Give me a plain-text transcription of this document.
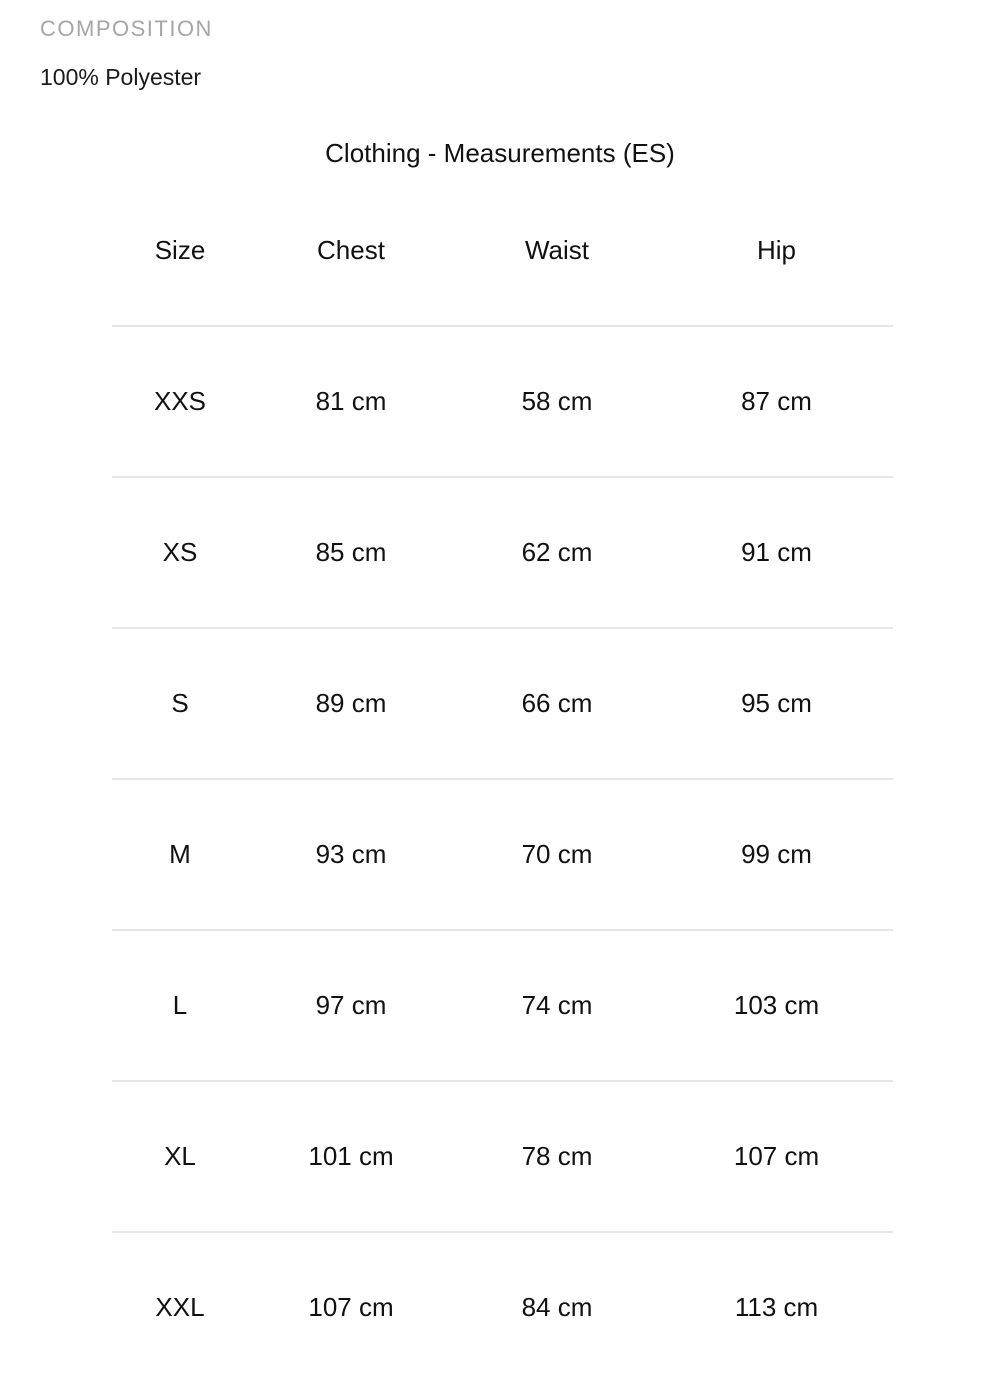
COMPOSITION
100% Polyester
Clothing - Measurements (ES)
Size	Chest	Waist	Hip
XXS	81 cm	58 cm	87 cm
XS	85 cm	62 cm	91 cm
S	89 cm	66 cm	95 cm
M	93 cm	70 cm	99 cm
L	97 cm	74 cm	103 cm
XL	101 cm	78 cm	107 cm
XXL	107 cm	84 cm	113 cm
